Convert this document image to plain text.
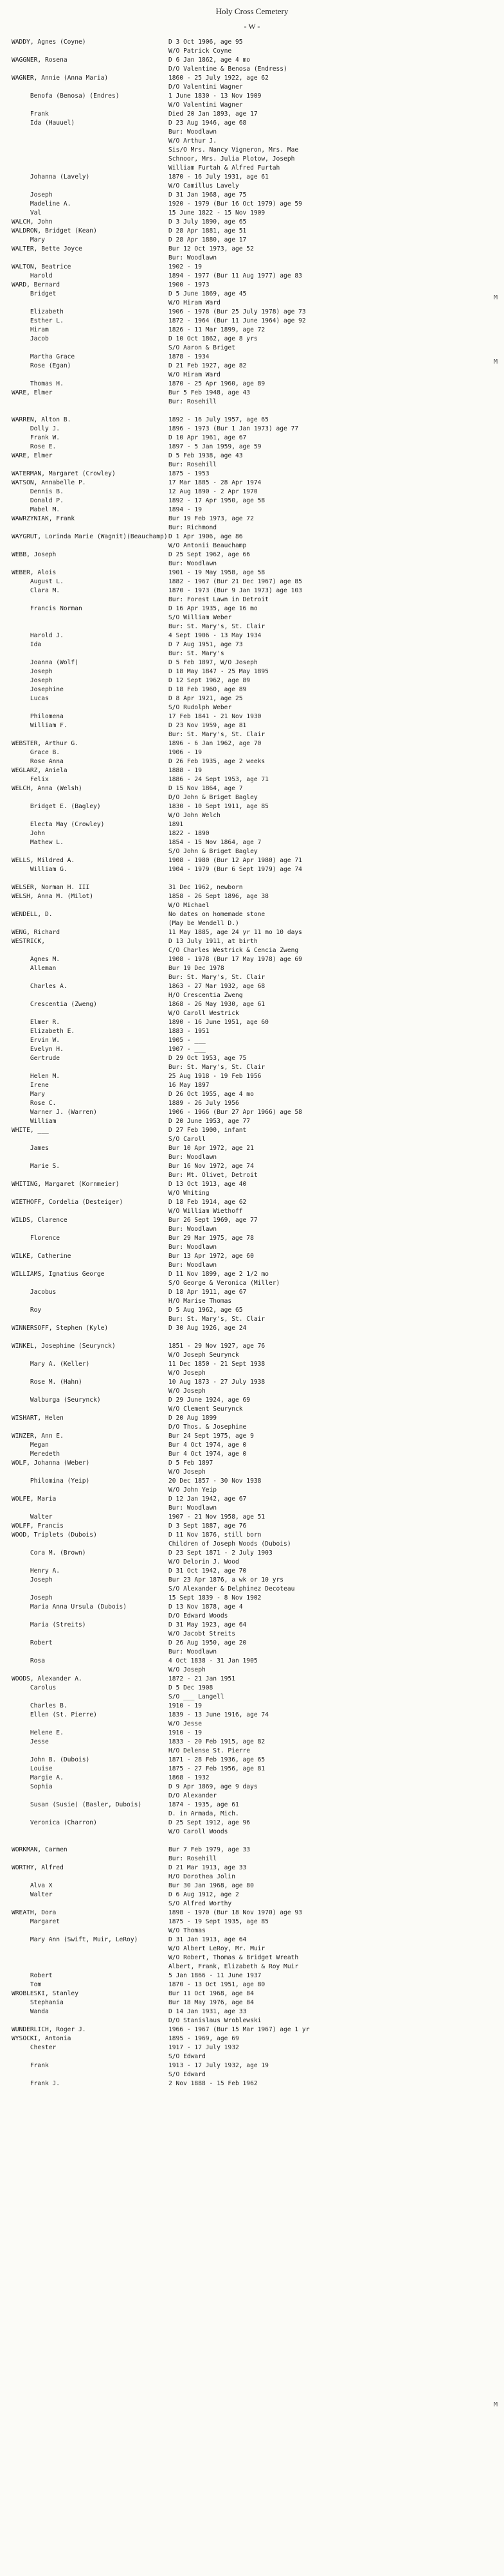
Holy Cross Cemetery
- W -
WADDY, Agnes (Coyne)	D 3 Oct 1906, age 95
W/O Patrick Coyne
WAGGNER, Rosena	D 6 Jan 1862, age 4 mo
D/O Valentine & Benosa (Endress)
WAGNER, Annie (Anna Maria)	1860 - 25 July 1922, age 62
D/O Valentini Wagner
Benofa (Benosa) (Endres)	1 June 1830 - 13 Nov 1909
W/O Valentini Wagner
Frank	Died 20 Jan 1893, age 17
Ida (Hauuel)	D 23 Aug 1946, age 68
Bur: Woodlawn
W/O Arthur J.
Sis/O Mrs. Nancy Vigneron, Mrs. Mae
Schnoor, Mrs. Julia Plotow, Joseph
William Furtah & Alfred Furtah
Johanna (Lavely)	1870 - 16 July 1931, age 61
W/O Camillus Lavely
Joseph	D 31 Jan 1968, age 75
Madeline A.	1920 - 1979 (Bur 16 Oct 1979) age 59
Val	15 June 1822 - 15 Nov 1909
WALCH, John	D 3 July 1890, age 65
WALDRON, Bridget (Kean)	D 28 Apr 1881, age 51
Mary	D 28 Apr 1880, age 17
WALTER, Bette Joyce	Bur 12 Oct 1973, age 52
Bur: Woodlawn
WALTON, Beatrice	1902 - 19
Harold	1894 - 1977 (Bur 11 Aug 1977) age 83
WARD, Bernard	1900 - 1973
Bridget	D 5 June 1869, age 45
W/O Hiram Ward
Elizabeth	1906 - 1978 (Bur 25 July 1978) age 73
Esther L.	1872 - 1964 (Bur 11 June 1964) age 92
Hiram	1826 - 11 Mar 1899, age 72
Jacob	D 10 Oct 1862, age 8 yrs
S/O Aaron & Briget
Martha Grace	1878 - 1934
Rose (Egan)	D 21 Feb 1927, age 82
W/O Hiram Ward
Thomas H.	1870 - 25 Apr 1960, age 89
WARE, Elmer	Bur 5 Feb 1948, age 43
Bur: Rosehill
WARREN, Alton B.	1892 - 16 July 1957, age 65
Dolly J.	1896 - 1973 (Bur 1 Jan 1973) age 77
Frank W.	D 10 Apr 1961, age 67
Rose E.	1897 - 5 Jan 1959, age 59
WARE, Elmer	D 5 Feb 1938, age 43
Bur: Rosehill
WATERMAN, Margaret (Crowley)	1875 - 1953
WATSON, Annabelle P.	17 Mar 1885 - 28 Apr 1974
Dennis B.	12 Aug 1890 - 2 Apr 1970
Donald P.	1892 - 17 Apr 1950, age 58
Mabel M.	1894 - 19
WAWRZYNIAK, Frank	Bur 19 Feb 1973, age 72
Bur: Richmond
WAYGRUT, Lorinda Marie (Wagnit)(Beauchamp) D 1 Apr 1906, age 86
W/O Antonii Beauchamp
WEBB, Joseph	D 25 Sept 1962, age 66
Bur: Woodlawn
WEBER, Alois	1901 - 19 May 1958, age 58
August L.	1882 - 1967 (Bur 21 Dec 1967) age 85
Clara M.	1870 - 1973 (Bur 9 Jan 1973) age 103
Bur: Forest Lawn in Detroit
Francis Norman	D 16 Apr 1935, age 16 mo
S/O William Weber
Bur: St. Mary's, St. Clair
Harold J.	4 Sept 1906 - 13 May 1934
Ida	D 7 Aug 1951, age 73
Bur: St. Mary's
Joanna (Wolf)	D 5 Feb 1897, W/O Joseph
Joseph	D 18 May 1847 - 25 May 1895
Joseph	D 12 Sept 1962, age 89
Josephine	D 18 Feb 1960, age 89
Lucas	D 8 Apr 1921, age 25
S/O Rudolph Weber
Philomena	17 Feb 1841 - 21 Nov 1930
William F.	D 23 Nov 1959, age 81
Bur: St. Mary's, St. Clair
WEBSTER, Arthur G.	1896 - 6 Jan 1962, age 70
Grace B.	1906 - 19
Rose Anna	D 26 Feb 1935, age 2 weeks
WEGLARZ, Aniela	1888 - 19
Felix	1886 - 24 Sept 1953, age 71
WELCH, Anna (Welsh)	D 15 Nov 1864, age 7
D/O John & Briget Bagley
Bridget E. (Bagley)	1830 - 10 Sept 1911, age 85
W/O John Welch
Electa May (Crowley)	1891
John	1822 - 1890
Mathew L.	1854 - 15 Nov 1864, age 7
S/O John & Briget Bagley
WELLS, Mildred A.	1908 - 1980 (Bur 12 Apr 1980) age 71
William G.	1904 - 1979 (Bur 6 Sept 1979) age 74
WELSER, Norman H. III	31 Dec 1962, newborn
WELSH, Anna M. (Milot)	1858 - 26 Sept 1896, age 38
W/O Michael
WENDELL, D.	No dates on homemade stone
(May be Wendell D.)
WENG, Richard	11 May 1885, age 24 yr 11 mo 10 days
WESTRICK,	D 13 July 1911, at birth
C/O Charles Westrick & Cencia Zweng
Agnes M.	1908 - 1978 (Bur 17 May 1978) age 69
Alleman	Bur 19 Dec 1978
Bur: St. Mary's, St. Clair
Charles A.	1863 - 27 Mar 1932, age 68
H/O Crescentia Zweng
Crescentia (Zweng)	1868 - 26 May 1930, age 61
W/O Caroll Westrick
Elmer R.	1890 - 16 June 1951, age 60
Elizabeth E.	1883 - 1951
Ervin W.	1905 - ___
Evelyn H.	1907 - ___
Gertrude	D 29 Oct 1953, age 75
Bur: St. Mary's, St. Clair
Helen M.	25 Aug 1918 - 19 Feb 1956
Irene	16 May 1897
Mary	D 26 Oct 1955, age 4 mo
Rose C.	1889 - 26 July 1956
Warner J. (Warren)	1906 - 1966 (Bur 27 Apr 1966) age 58
William	D 20 June 1953, age 77
WHITE, ___	D 27 Feb 1900, infant
S/O Caroll
James	Bur 10 Apr 1972, age 21
Bur: Woodlawn
Marie S.	Bur 16 Nov 1972, age 74
Bur: Mt. Olivet, Detroit
WHITING, Margaret (Kornmeier)	D 13 Oct 1913, age 40
W/O Whiting
WIETHOFF, Cordelia (Desteiger)	D 18 Feb 1914, age 62
W/O William Wiethoff
WILDS, Clarence	Bur 26 Sept 1969, age 77
Bur: Woodlawn
Florence	Bur 29 Mar 1975, age 78
Bur: Woodlawn
WILKE, Catherine	Bur 13 Apr 1972, age 60
Bur: Woodlawn
WILLIAMS, Ignatius George	D 11 Nov 1899, age 2 1/2 mo
S/O George & Veronica (Miller)
Jacobus	D 18 Apr 1911, age 67
H/O Marise Thomas
Roy	D 5 Aug 1962, age 65
Bur: St. Mary's, St. Clair
WINNERSOFF, Stephen (Kyle)	D 30 Aug 1926, age 24
WINKEL, Josephine (Seurynck)	1851 - 29 Nov 1927, age 76
W/O Joseph Seurynck
Mary A. (Keller)	11 Dec 1850 - 21 Sept 1938
W/O Joseph
Rose M. (Hahn)	10 Aug 1873 - 27 July 1938
W/O Joseph
Walburga (Seurynck)	D 29 June 1924, age 69
W/O Clement Seurynck
WISHART, Helen	D 20 Aug 1899
D/O Thos. & Josephine
WINZER, Ann E.	Bur 24 Sept 1975, age 9
Megan	Bur 4 Oct 1974, age 0
Meredeth	Bur 4 Oct 1974, age 0
WOLF, Johanna (Weber)	D 5 Feb 1897
W/O Joseph
Philomina (Yeip)	20 Dec 1857 - 30 Nov 1938
W/O John Yeip
WOLFE, Maria	D 12 Jan 1942, age 67
Bur: Woodlawn
Walter	1907 - 21 Nov 1958, age 51
WOLFF, Francis	D 3 Sept 1887, age 76
WOOD, Triplets (Dubois)	D 11 Nov 1876, still born
Children of Joseph Woods (Dubois)
Cora M. (Brown)	D 23 Sept 1871 - 2 July 1903
W/O Delorin J. Wood
Henry A.	D 31 Oct 1942, age 70
Joseph	Bur 23 Apr 1876, a wk or 10 yrs
S/O Alexander & Delphinez Decoteau
Joseph	15 Sept 1839 - 8 Nov 1902
Maria Anna Ursula (Dubois)	D 13 Nov 1878, age 4
D/O Edward Woods
Maria (Streits)	D 31 May 1923, age 64
W/O Jacobt Streits
Robert	D 26 Aug 1950, age 20
Bur: Woodlawn
Rosa	4 Oct 1838 - 31 Jan 1905
W/O Joseph
WOODS, Alexander A.	1872 - 21 Jan 1951
Carolus	D 5 Dec 1908
S/O ___ Langell
Charles B.	1910 - 19
Ellen (St. Pierre)	1839 - 13 June 1916, age 74
W/O Jesse
Helene E.	1910 - 19
Jesse	1833 - 20 Feb 1915, age 82
H/O Delense St. Pierre
John B. (Dubois)	1871 - 28 Feb 1936, age 65
Louise	1875 - 27 Feb 1956, age 81
Margie A.	1868 - 1932
Sophia	D 9 Apr 1869, age 9 days
D/O Alexander
Susan (Susie) (Basler, Dubois)	1874 - 1935, age 61
D. in Armada, Mich.
Veronica (Charron)	D 25 Sept 1912, age 96
W/O Caroll Woods
WORKMAN, Carmen	Bur 7 Feb 1979, age 33
Bur: Rosehill
WORTHY, Alfred	D 21 Mar 1913, age 33
H/O Dorothea Jolin
Alva X	Bur 30 Jan 1968, age 80
Walter	D 6 Aug 1912, age 2
S/O Alfred Worthy
WREATH, Dora	1898 - 1970 (Bur 18 Nov 1970) age 93
Margaret	1875 - 19 Sept 1935, age 85
W/O Thomas
Mary Ann (Swift, Muir, LeRoy)	D 31 Jan 1913, age 64
W/O Albert LeRoy, Mr. Muir
W/O Robert, Thomas & Bridget Wreath
Albert, Frank, Elizabeth & Roy Muir
Robert	5 Jan 1866 - 11 June 1937
Tom	1870 - 13 Oct 1951, age 80
WROBLESKI, Stanley	Bur 11 Oct 1968, age 84
Stephania	Bur 18 May 1976, age 84
Wanda	D 14 Jan 1931, age 33
D/O Stanislaus Wroblewski
WUNDERLICH, Roger J.	1966 - 1967 (Bur 15 Mar 1967) age 1 yr
WYSOCKI, Antonia	1895 - 1969, age 69
Chester	1917 - 17 July 1932
S/O Edward
Frank	1913 - 17 July 1932, age 19
S/O Edward
Frank J.	2 Nov 1888 - 15 Feb 1962
M
M
M
